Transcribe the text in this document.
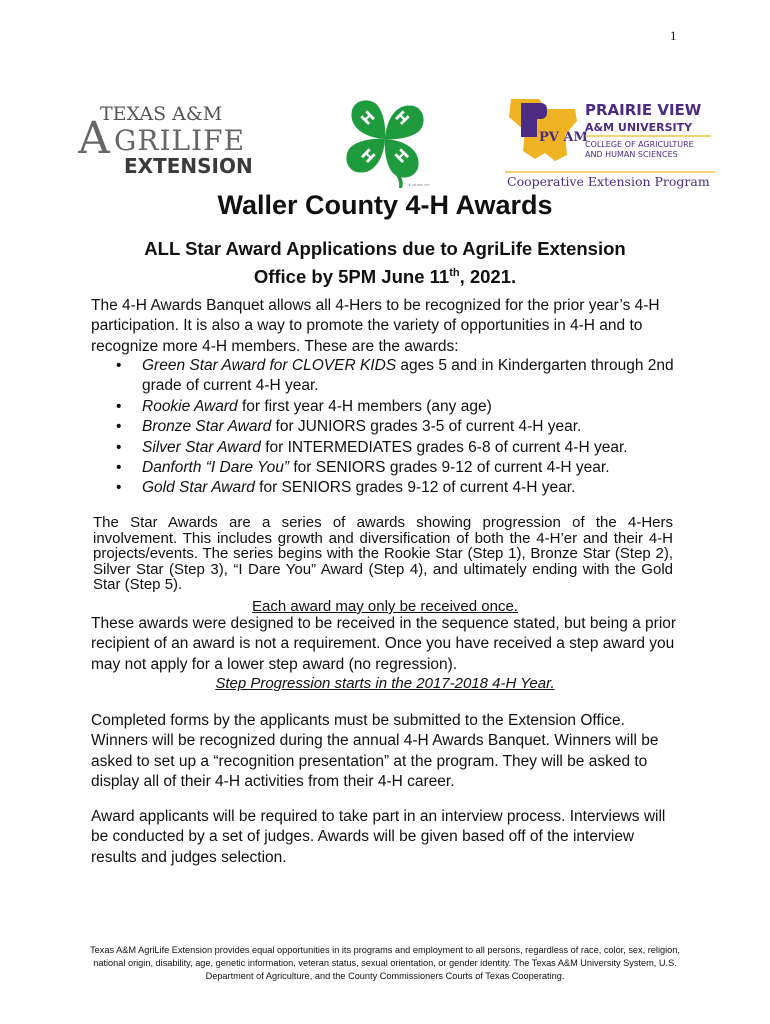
1
TEXAS A&M
A GRILIFE
EXTENSION
H H
H
H
® 18 USC 707
PV AM
PRAIRIE VIEW
A&M UNIVERSITY
COLLEGE OF AGRICULTURE
AND HUMAN SCIENCES
Cooperative Extension Program
Waller County 4-H Awards
ALL Star Award Applications due to AgriLife Extension
Office by 5PM June 11th, 2021.

The 4-H Awards Banquet allows all 4-Hers to be recognized for the prior year’s 4-H participation. It is also a way to promote the variety of opportunities in 4-H and to recognize more 4-H members. These are the awards:

• Green Star Award for CLOVER KIDS ages 5 and in Kindergarten through 2nd grade of current 4-H year.
• Rookie Award for first year 4-H members (any age)
• Bronze Star Award for JUNIORS grades 3-5 of current 4-H year.
• Silver Star Award for INTERMEDIATES grades 6-8 of current 4-H year.
• Danforth “I Dare You” for SENIORS grades 9-12 of current 4-H year.
• Gold Star Award for SENIORS grades 9-12 of current 4-H year.

The Star Awards are a series of awards showing progression of the 4-Hers involvement. This includes growth and diversification of both the 4-H’er and their 4-H projects/events. The series begins with the Rookie Star (Step 1), Bronze Star (Step 2), Silver Star (Step 3), “I Dare You” Award (Step 4), and ultimately ending with the Gold Star (Step 5).

Each award may only be received once.

These awards were designed to be received in the sequence stated, but being a prior recipient of an award is not a requirement. Once you have received a step award you may not apply for a lower step award (no regression).

Step Progression starts in the 2017-2018 4-H Year.

Completed forms by the applicants must be submitted to the Extension Office. Winners will be recognized during the annual 4-H Awards Banquet. Winners will be asked to set up a “recognition presentation” at the program. They will be asked to display all of their 4-H activities from their 4-H career.

Award applicants will be required to take part in an interview process. Interviews will be conducted by a set of judges. Awards will be given based off of the interview results and judges selection.

Texas A&M AgriLife Extension provides equal opportunities in its programs and employment to all persons, regardless of race, color, sex, religion, national origin, disability, age, genetic information, veteran status, sexual orientation, or gender identity. The Texas A&M University System, U.S. Department of Agriculture, and the County Commissioners Courts of Texas Cooperating.
